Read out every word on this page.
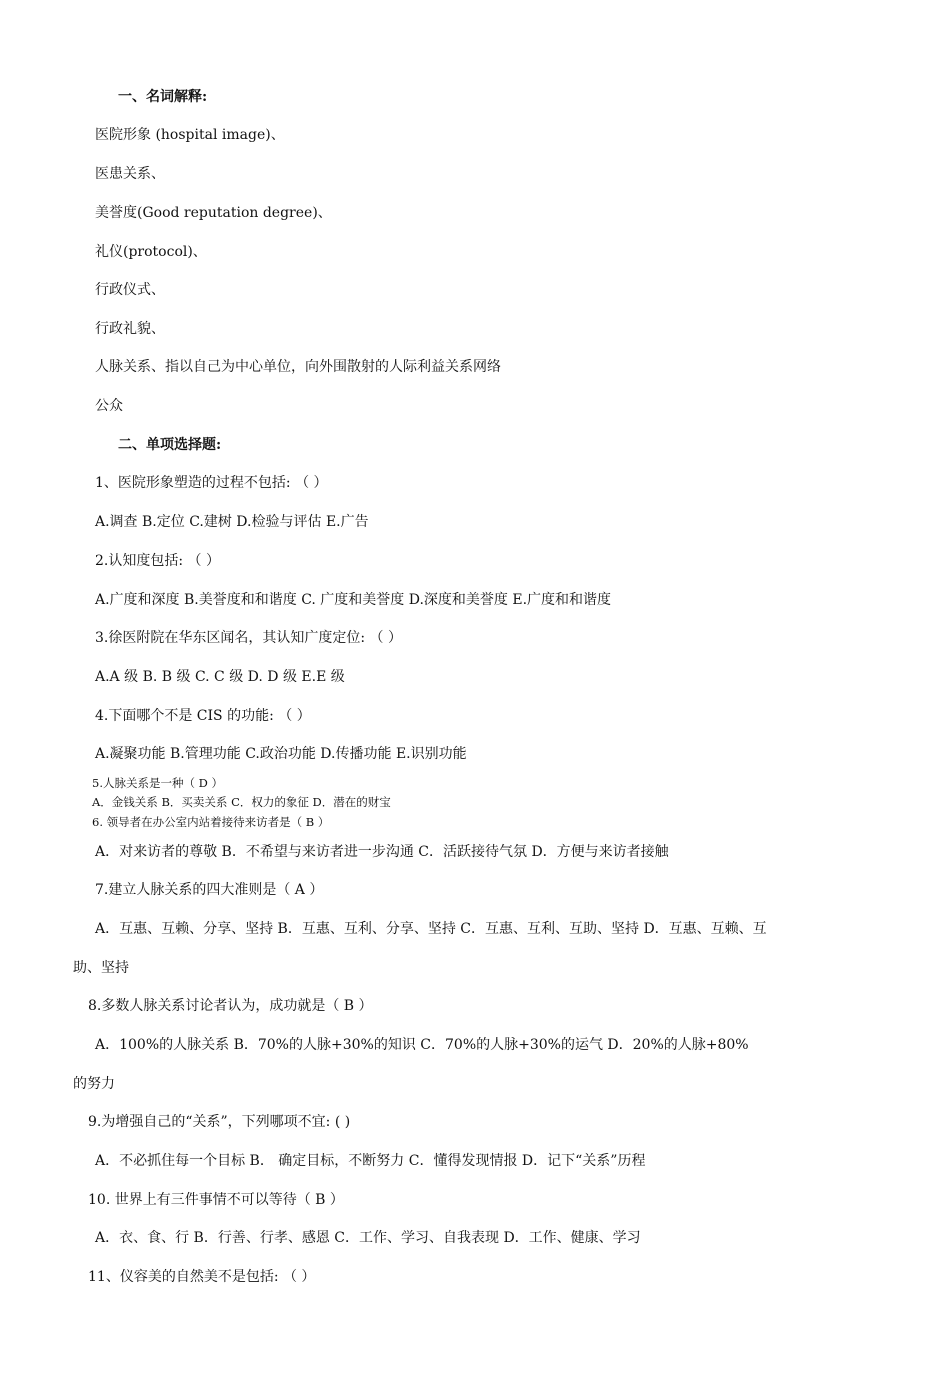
一、名词解释:
医院形象 (hospital image)、
医患关系、
美誉度(Good reputation degree)、
礼仪(protocol)、
行政仪式、
行政礼貌、
人脉关系、指以自己为中心单位，向外围散射的人际利益关系网络
公众
二、单项选择题:
1、医院形象塑造的过程不包括: （ ）
A.调查 B.定位 C.建树 D.检验与评估 E.广告
2.认知度包括: （ ）
A.广度和深度 B.美誉度和和谐度 C. 广度和美誉度 D.深度和美誉度 E.广度和和谐度
3.徐医附院在华东区闻名，其认知广度定位: （ ）
A.A 级 B. B 级 C. C 级 D. D 级 E.E 级
4.下面哪个不是 CIS 的功能: （ ）
A.凝聚功能 B.管理功能 C.政治功能 D.传播功能 E.识别功能
5.人脉关系是一种（ D ）
A．金钱关系 B．买卖关系 C．权力的象征 D．潜在的财宝
6. 领导者在办公室内站着接待来访者是（ B ）
A．对来访者的尊敬 B．不希望与来访者进一步沟通 C．活跃接待气氛 D．方便与来访者接触
7.建立人脉关系的四大准则是（ A ）
A．互惠、互赖、分享、坚持 B．互惠、互利、分享、坚持 C．互惠、互利、互助、坚持 D．互惠、互赖、互
助、坚持
8.多数人脉关系讨论者认为，成功就是（ B ）
A．100%的人脉关系 B．70%的人脉+30%的知识 C．70%的人脉+30%的运气 D．20%的人脉+80%
的努力
9.为增强自己的“关系”，下列哪项不宜: ( )
A．不必抓住每一个目标 B． 确定目标，不断努力 C．懂得发现情报 D．记下“关系”历程
10. 世界上有三件事情不可以等待（ B ）
A．衣、食、行 B．行善、行孝、感恩 C．工作、学习、自我表现 D．工作、健康、学习
11、仪容美的自然美不是包括: （ ）
